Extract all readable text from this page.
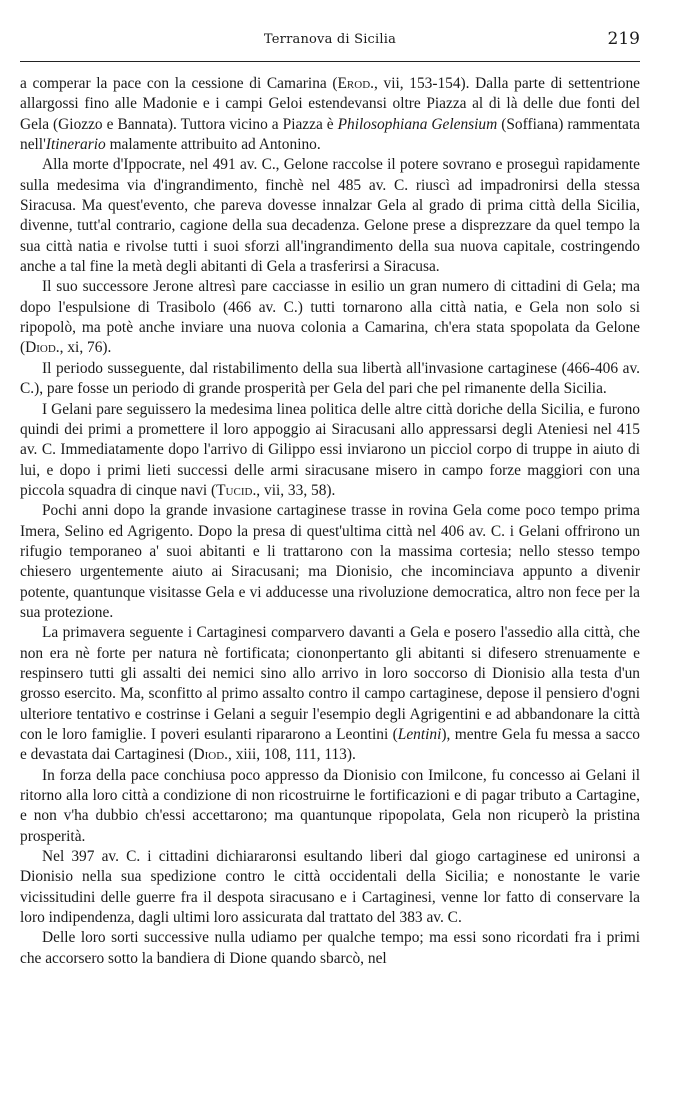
Terranova di Sicilia	219

a comperar la pace con la cessione di Camarina (Erod., vii, 153-154). Dalla parte di settentrione allargossi fino alle Madonie e i campi Geloi estendevansi oltre Piazza al di là delle due fonti del Gela (Giozzo e Bannata). Tuttora vicino a Piazza è Philosophiana Gelensium (Soffiana) rammentata nell'Itinerario malamente attribuito ad Antonino.

Alla morte d'Ippocrate, nel 491 av. C., Gelone raccolse il potere sovrano e proseguì rapidamente sulla medesima via d'ingrandimento, finchè nel 485 av. C. riuscì ad impadronirsi della stessa Siracusa. Ma quest'evento, che pareva dovesse innalzar Gela al grado di prima città della Sicilia, divenne, tutt'al contrario, cagione della sua decadenza. Gelone prese a disprezzare da quel tempo la sua città natia e rivolse tutti i suoi sforzi all'ingrandimento della sua nuova capitale, costringendo anche a tal fine la metà degli abitanti di Gela a trasferirsi a Siracusa.

Il suo successore Jerone altresì pare cacciasse in esilio un gran numero di cittadini di Gela; ma dopo l'espulsione di Trasibolo (466 av. C.) tutti tornarono alla città natia, e Gela non solo si ripopolò, ma potè anche inviare una nuova colonia a Camarina, ch'era stata spopolata da Gelone (Diod., xi, 76).

Il periodo susseguente, dal ristabilimento della sua libertà all'invasione cartaginese (466-406 av. C.), pare fosse un periodo di grande prosperità per Gela del pari che pel rimanente della Sicilia.

I Gelani pare seguissero la medesima linea politica delle altre città doriche della Sicilia, e furono quindi dei primi a promettere il loro appoggio ai Siracusani allo appressarsi degli Ateniesi nel 415 av. C. Immediatamente dopo l'arrivo di Gilippo essi inviarono un picciol corpo di truppe in aiuto di lui, e dopo i primi lieti successi delle armi siracusane misero in campo forze maggiori con una piccola squadra di cinque navi (Tucid., vii, 33, 58).

Pochi anni dopo la grande invasione cartaginese trasse in rovina Gela come poco tempo prima Imera, Selino ed Agrigento. Dopo la presa di quest'ultima città nel 406 av. C. i Gelani offrirono un rifugio temporaneo a' suoi abitanti e li trattarono con la massima cortesia; nello stesso tempo chiesero urgentemente aiuto ai Siracusani; ma Dionisio, che incominciava appunto a divenir potente, quantunque visitasse Gela e vi adducesse una rivoluzione democratica, altro non fece per la sua protezione.

La primavera seguente i Cartaginesi comparvero davanti a Gela e posero l'assedio alla città, che non era nè forte per natura nè fortificata; ciononpertanto gli abitanti si difesero strenuamente e respinsero tutti gli assalti dei nemici sino allo arrivo in loro soccorso di Dionisio alla testa d'un grosso esercito. Ma, sconfitto al primo assalto contro il campo cartaginese, depose il pensiero d'ogni ulteriore tentativo e costrinse i Gelani a seguir l'esempio degli Agrigentini e ad abbandonare la città con le loro famiglie. I poveri esulanti ripararono a Leontini (Lentini), mentre Gela fu messa a sacco e devastata dai Cartaginesi (Diod., xiii, 108, 111, 113).

In forza della pace conchiusa poco appresso da Dionisio con Imilcone, fu concesso ai Gelani il ritorno alla loro città a condizione di non ricostruirne le fortificazioni e di pagar tributo a Cartagine, e non v'ha dubbio ch'essi accettarono; ma quantunque ripopolata, Gela non ricuperò la pristina prosperità.

Nel 397 av. C. i cittadini dichiararonsi esultando liberi dal giogo cartaginese ed unironsi a Dionisio nella sua spedizione contro le città occidentali della Sicilia; e nonostante le varie vicissitudini delle guerre fra il despota siracusano e i Cartaginesi, venne lor fatto di conservare la loro indipendenza, dagli ultimi loro assicurata dal trattato del 383 av. C.

Delle loro sorti successive nulla udiamo per qualche tempo; ma essi sono ricordati fra i primi che accorsero sotto la bandiera di Dione quando sbarcò, nel
